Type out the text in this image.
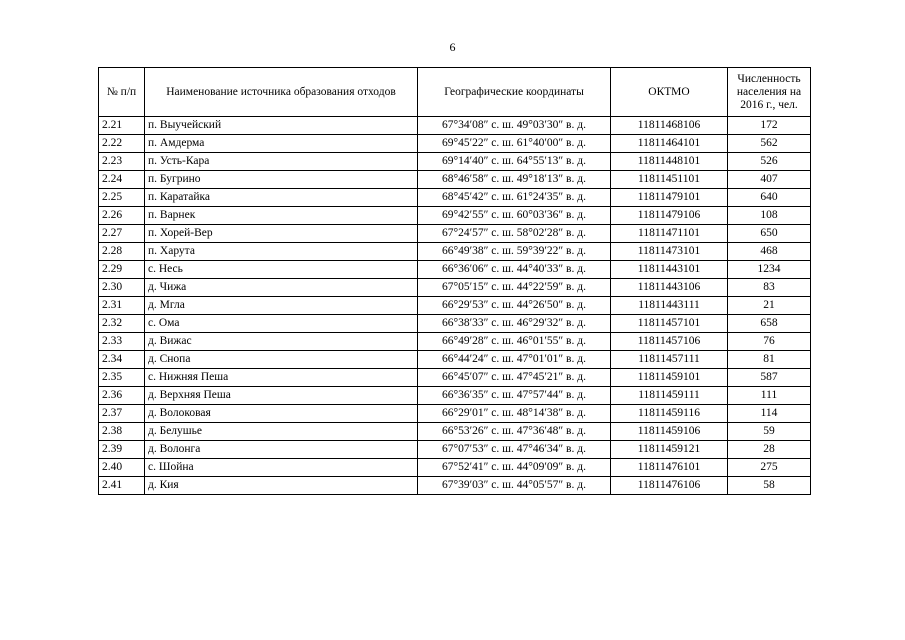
6
№ п/п	Наименование источника образования отходов	Географические координаты	ОКТМО	Численность населения на 2016 г., чел.
2.21	п. Выучейский	67°34′08″ с. ш. 49°03′30″ в. д.	11811468106	172
2.22	п. Амдерма	69°45′22″ с. ш. 61°40′00″ в. д.	11811464101	562
2.23	п. Усть-Кара	69°14′40″ с. ш. 64°55′13″ в. д.	11811448101	526
2.24	п. Бугрино	68°46′58″ с. ш. 49°18′13″ в. д.	11811451101	407
2.25	п. Каратайка	68°45′42″ с. ш. 61°24′35″ в. д.	11811479101	640
2.26	п. Варнек	69°42′55″ с. ш. 60°03′36″ в. д.	11811479106	108
2.27	п. Хорей-Вер	67°24′57″ с. ш. 58°02′28″ в. д.	11811471101	650
2.28	п. Харута	66°49′38″ с. ш. 59°39′22″ в. д.	11811473101	468
2.29	с. Несь	66°36′06″ с. ш. 44°40′33″ в. д.	11811443101	1234
2.30	д. Чижа	67°05′15″ с. ш. 44°22′59″ в. д.	11811443106	83
2.31	д. Мгла	66°29′53″ с. ш. 44°26′50″ в. д.	11811443111	21
2.32	с. Ома	66°38′33″ с. ш. 46°29′32″ в. д.	11811457101	658
2.33	д. Вижас	66°49′28″ с. ш. 46°01′55″ в. д.	11811457106	76
2.34	д. Снопа	66°44′24″ с. ш. 47°01′01″ в. д.	11811457111	81
2.35	с. Нижняя Пеша	66°45′07″ с. ш. 47°45′21″ в. д.	11811459101	587
2.36	д. Верхняя Пеша	66°36′35″ с. ш. 47°57′44″ в. д.	11811459111	111
2.37	д. Волоковая	66°29′01″ с. ш. 48°14′38″ в. д.	11811459116	114
2.38	д. Белушье	66°53′26″ с. ш. 47°36′48″ в. д.	11811459106	59
2.39	д. Волонга	67°07′53″ с. ш. 47°46′34″ в. д.	11811459121	28
2.40	с. Шойна	67°52′41″ с. ш. 44°09′09″ в. д.	11811476101	275
2.41	д. Кия	67°39′03″ с. ш. 44°05′57″ в. д.	11811476106	58
